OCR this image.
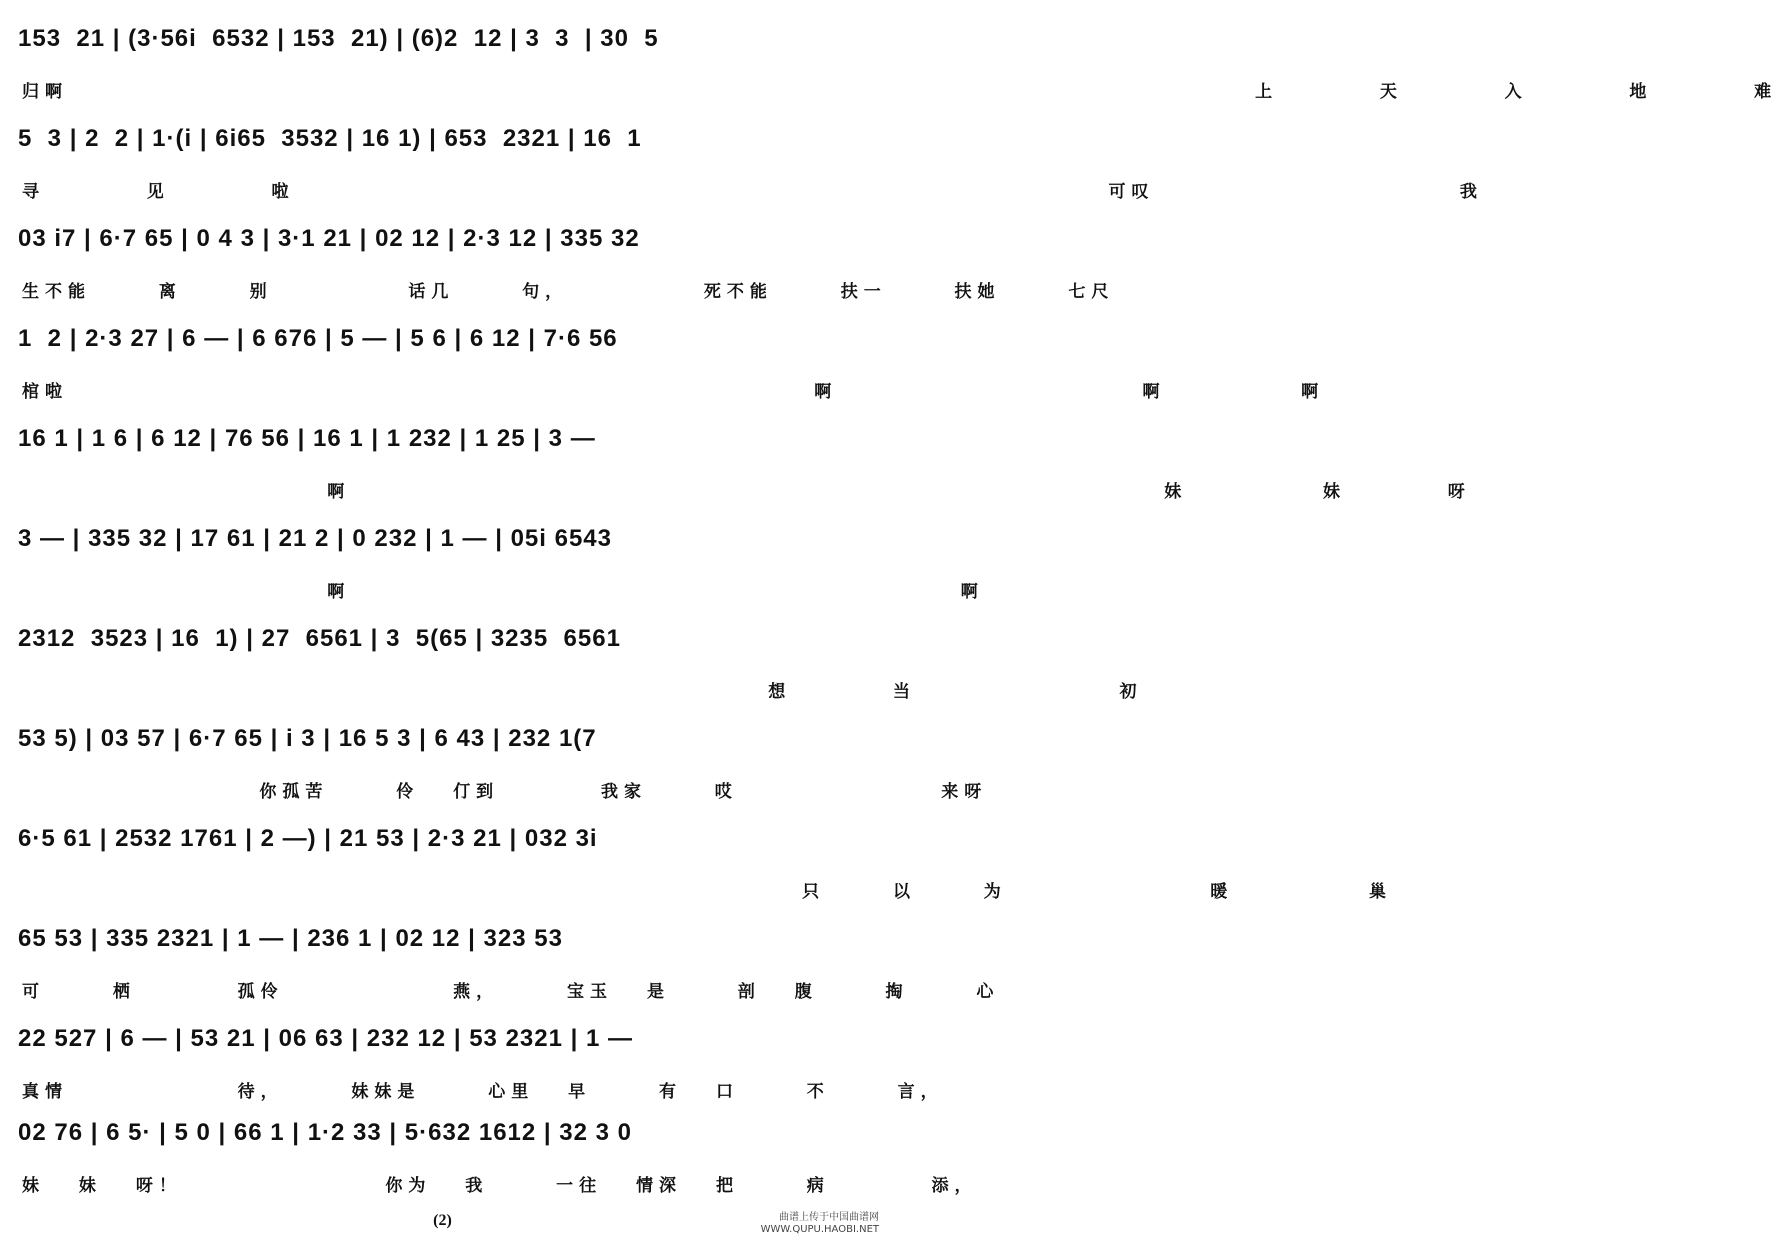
153  21 | (3·56i  6532 | 153  21) | (6)2  12 | 3  3  | 30  5
归啊                                   上   天   入   地   难
5  3 | 2  2 | 1·(i | 6i65  3532 | 16 1) | 653  2321 | 16  1
寻   见   啦                        可叹         我
03 i7 | 6·7 65 | 0 4 3 | 3·1 21 | 02 12 | 2·3 12 | 335 32
生不能  离  别    话几  句，    死不能  扶一  扶她  七尺
1  2 | 2·3 27 | 6 — | 6 676 | 5 — | 5 6 | 6 12 | 7·6 56
棺啦                      啊         啊    啊
16 1 | 1 6 | 6 12 | 76 56 | 16 1 | 1 232 | 1 25 | 3 —
啊                        妹    妹   呀
3 — | 335 32 | 17 61 | 21 2 | 0 232 | 1 — | 05i 6543
啊                  啊
2312  3523 | 16  1) | 27  6561 | 3  5(65 | 3235  6561
想   当      初
53 5) | 03 57 | 6·7 65 | i 3 | 16 5 3 | 6 43 | 232 1(7
你孤苦  伶 仃到   我家  哎      来呀
6·5 61 | 2532 1761 | 2 —) | 21 53 | 2·3 21 | 032 3i
只  以  为      暖    巢
65 53 | 335 2321 | 1 — | 236 1 | 02 12 | 323 53
可  栖   孤伶     燕，  宝玉 是  剖 腹  掏  心
22 527 | 6 — | 53 21 | 06 63 | 232 12 | 53 2321 | 1 —
真情     待，  妹妹是  心里 早  有 口  不  言，
02 76 | 6 5· | 5 0 | 66 1 | 1·2 33 | 5·632 1612 | 32 3 0
妹 妹 呀！      你为 我  一往 情深 把  病   添，
(2)	曲谱上传于中国曲谱网
WWW.QUPU.HAOBI.NET
